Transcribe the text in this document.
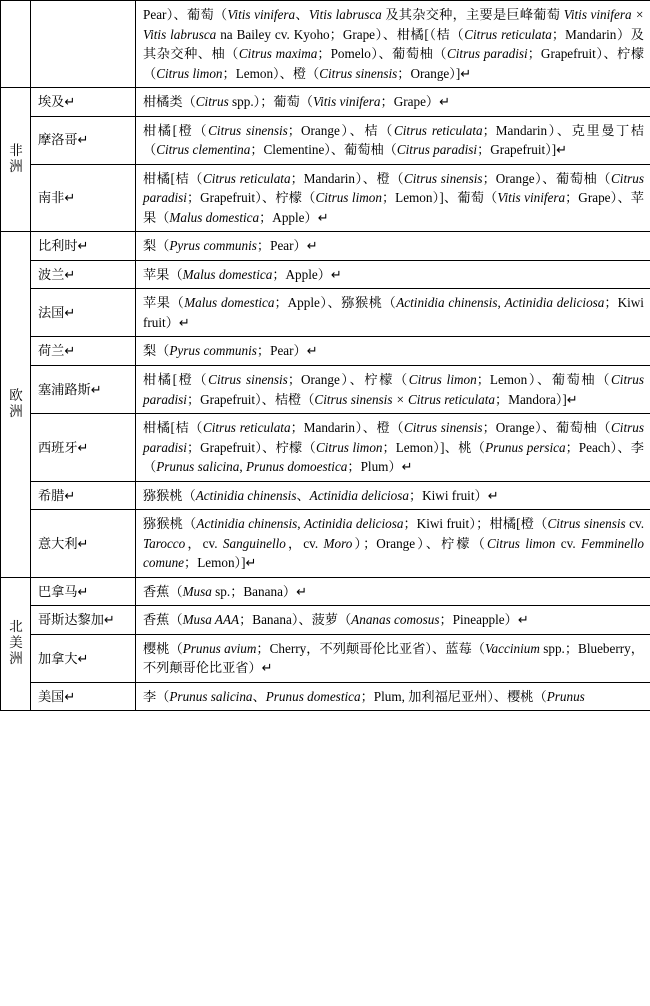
		Pear）、葡萄（Vitis vinifera、Vitis labrusca 及其杂交种，主要是巨峰葡萄 Vitis vinifera × Vitis labrusca na Bailey cv. Kyoho；Grape）、柑橘[（桔（Citrus reticulata；Mandarin）及其杂交种、柚（Citrus maxima；Pomelo）、葡萄柚（Citrus paradisi；Grapefruit）、柠檬（Citrus limon；Lemon）、橙（Citrus sinensis；Orange）]↵
非
洲	埃及↵	柑橘类（Citrus spp.）；葡萄（Vitis vinifera；Grape）↵
	摩洛哥↵	柑橘[橙（Citrus sinensis；Orange）、桔（Citrus reticulata；Mandarin）、克里曼丁桔（Citrus clementina；Clementine）、葡萄柚（Citrus paradisi；Grapefruit）]↵
	南非↵	柑橘[桔（Citrus reticulata；Mandarin）、橙（Citrus sinensis；Orange）、葡萄柚（Citrus paradisi；Grapefruit）、柠檬（Citrus limon；Lemon）]、葡萄（Vitis vinifera；Grape）、苹果（Malus domestica；Apple）↵
欧
洲	比利时↵	梨（Pyrus communis；Pear）↵
	波兰↵	苹果（Malus domestica；Apple）↵
	法国↵	苹果（Malus domestica；Apple）、猕猴桃（Actinidia chinensis, Actinidia deliciosa；Kiwi fruit）↵
	荷兰↵	梨（Pyrus communis；Pear）↵
	塞浦路斯↵	柑橘[橙（Citrus sinensis；Orange）、柠檬（Citrus limon；Lemon）、葡萄柚（Citrus paradisi；Grapefruit）、桔橙（Citrus sinensis × Citrus reticulata；Mandora）]↵
	西班牙↵	柑橘[桔（Citrus reticulata；Mandarin）、橙（Citrus sinensis；Orange）、葡萄柚（Citrus paradisi；Grapefruit）、柠檬（Citrus limon；Lemon）]、桃（Prunus persica；Peach）、李（Prunus salicina, Prunus domoestica；Plum）↵
	希腊↵	猕猴桃（Actinidia chinensis、Actinidia deliciosa；Kiwi fruit）↵
	意大利↵	猕猴桃（Actinidia chinensis, Actinidia deliciosa；Kiwi fruit）；柑橘[橙（Citrus sinensis cv. Tarocco，cv. Sanguinello，cv. Moro）；Orange）、柠檬（Citrus limon cv. Femminello comune；Lemon）]↵
北
美
洲	巴拿马↵	香蕉（Musa sp.；Banana）↵
	哥斯达黎加↵	香蕉（Musa AAA；Banana）、菠萝（Ananas comosus；Pineapple）↵
	加拿大↵	樱桃（Prunus avium；Cherry，不列颠哥伦比亚省）、蓝莓（Vaccinium spp.；Blueberry，不列颠哥伦比亚省）↵
	美国↵	李（Prunus salicina、Prunus domestica；Plum, 加利福尼亚州）、樱桃（Prunus
